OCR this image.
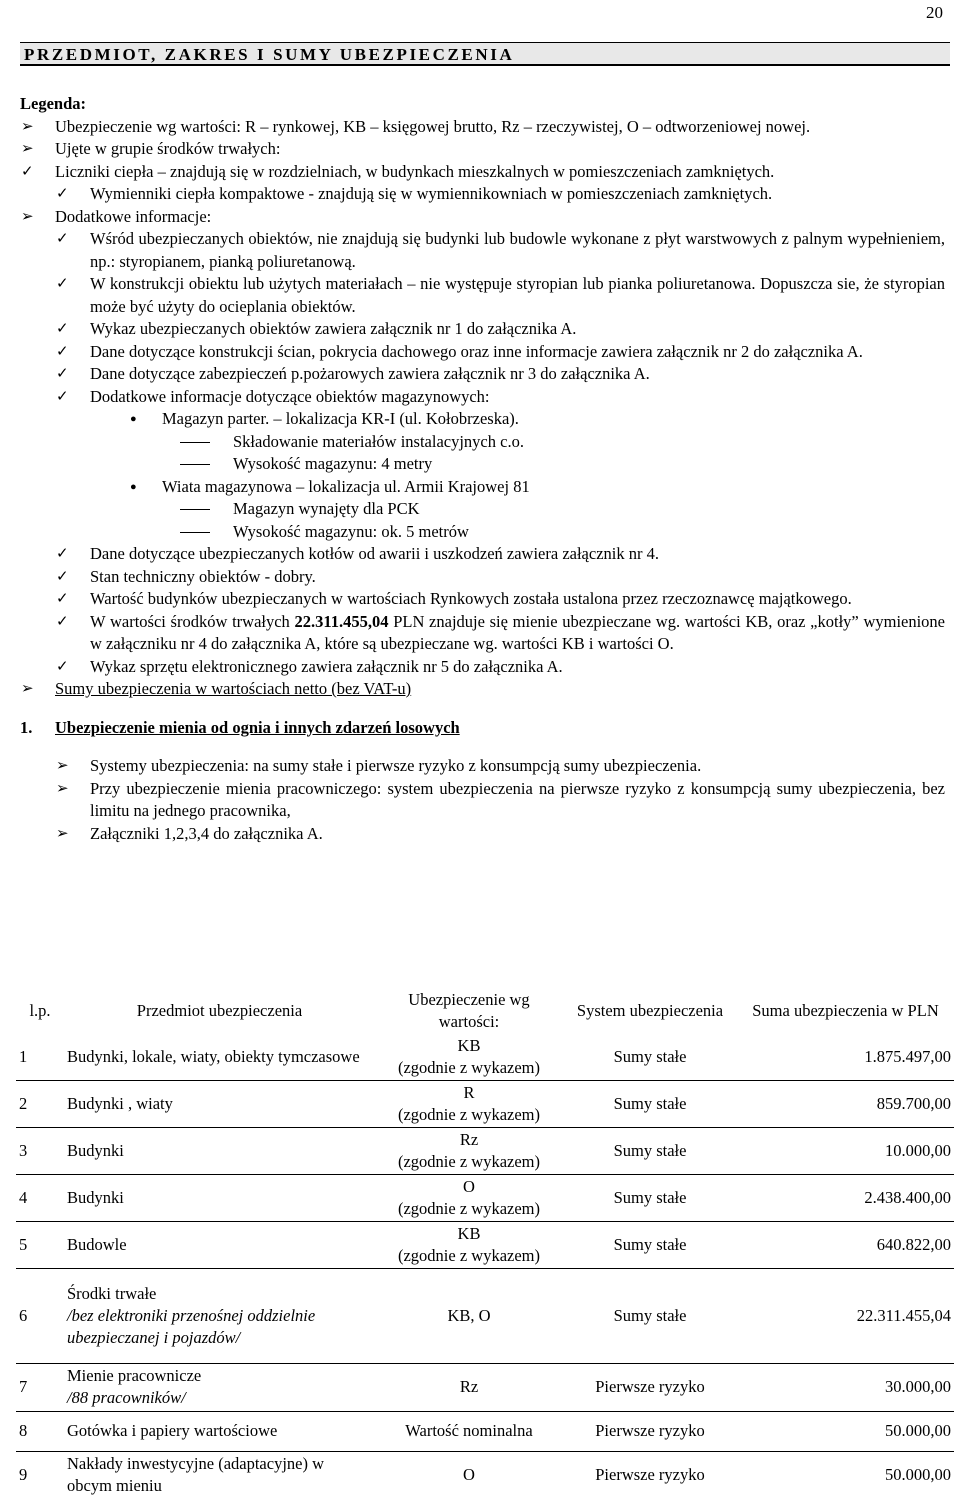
20
PRZEDMIOT, ZAKRES I SUMY UBEZPIECZENIA
Legenda:
➢ Ubezpieczenie wg wartości: R – rynkowej, KB – księgowej brutto, Rz – rzeczywistej, O – odtworzeniowej nowej.
➢ Ujęte w grupie środków trwałych:
✓ Liczniki ciepła – znajdują się w rozdzielniach, w budynkach mieszkalnych w pomieszczeniach zamkniętych.
✓ Wymienniki ciepła kompaktowe - znajdują się w wymiennikowniach w pomieszczeniach zamkniętych.
➢ Dodatkowe informacje:
✓ Wśród ubezpieczanych obiektów, nie znajdują się budynki lub budowle wykonane z płyt warstwowych z palnym wypełnieniem, np.: styropianem, pianką poliuretanową.
✓ W konstrukcji obiektu lub użytych materiałach – nie występuje styropian lub pianka poliuretanowa. Dopuszcza sie, że styropian może być użyty do ocieplania obiektów.
✓ Wykaz ubezpieczanych obiektów zawiera załącznik nr 1 do załącznika A.
✓ Dane dotyczące konstrukcji ścian, pokrycia dachowego oraz inne informacje zawiera załącznik nr 2 do załącznika A.
✓ Dane dotyczące zabezpieczeń p.pożarowych zawiera załącznik nr 3 do załącznika A.
✓ Dodatkowe informacje dotyczące obiektów magazynowych:
● Magazyn parter. – lokalizacja KR-I (ul. Kołobrzeska).
Składowanie materiałów instalacyjnych c.o.
Wysokość magazynu: 4 metry
● Wiata magazynowa – lokalizacja ul. Armii Krajowej 81
Magazyn wynajęty dla PCK
Wysokość magazynu: ok. 5 metrów
✓ Dane dotyczące ubezpieczanych kotłów od awarii i uszkodzeń zawiera załącznik nr 4.
✓ Stan techniczny obiektów - dobry.
✓ Wartość budynków ubezpieczanych w wartościach Rynkowych została ustalona przez rzeczoznawcę majątkowego.
✓ W wartości środków trwałych 22.311.455,04 PLN znajduje się mienie ubezpieczane wg. wartości KB, oraz „kotły” wymienione w załączniku nr 4 do załącznika A, które są ubezpieczane wg. wartości KB i wartości O.
✓ Wykaz sprzętu elektronicznego zawiera załącznik nr 5 do załącznika A.
➢ Sumy ubezpieczenia w wartościach netto (bez VAT-u)
1. Ubezpieczenie mienia od ognia i innych zdarzeń losowych
➢ Systemy ubezpieczenia: na sumy stałe i pierwsze ryzyko z konsumpcją sumy ubezpieczenia.
➢ Przy ubezpieczenie mienia pracowniczego: system ubezpieczenia na pierwsze ryzyko z konsumpcją sumy ubezpieczenia, bez limitu na jednego pracownika,
➢ Załączniki 1,2,3,4 do załącznika A.
l.p.	Przedmiot ubezpieczenia	Ubezpieczenie wg wartości:	System ubezpieczenia	Suma ubezpieczenia w PLN
1	Budynki, lokale, wiaty, obiekty tymczasowe	KB
(zgodnie z wykazem)	Sumy stałe	1.875.497,00
2	Budynki , wiaty	R
(zgodnie z wykazem)	Sumy stałe	859.700,00
3	Budynki	Rz
(zgodnie z wykazem)	Sumy stałe	10.000,00
4	Budynki	O
(zgodnie z wykazem)	Sumy stałe	2.438.400,00
5	Budowle	KB
(zgodnie z wykazem)	Sumy stałe	640.822,00
6	Środki trwałe
/bez elektroniki przenośnej oddzielnie ubezpieczanej i pojazdów/	KB, O	Sumy stałe	22.311.455,04
7	Mienie pracownicze
/88 pracowników/	Rz	Pierwsze ryzyko	30.000,00
8	Gotówka i papiery wartościowe	Wartość nominalna	Pierwsze ryzyko	50.000,00
9	Nakłady inwestycyjne (adaptacyjne) w obcym mieniu	O	Pierwsze ryzyko	50.000,00
